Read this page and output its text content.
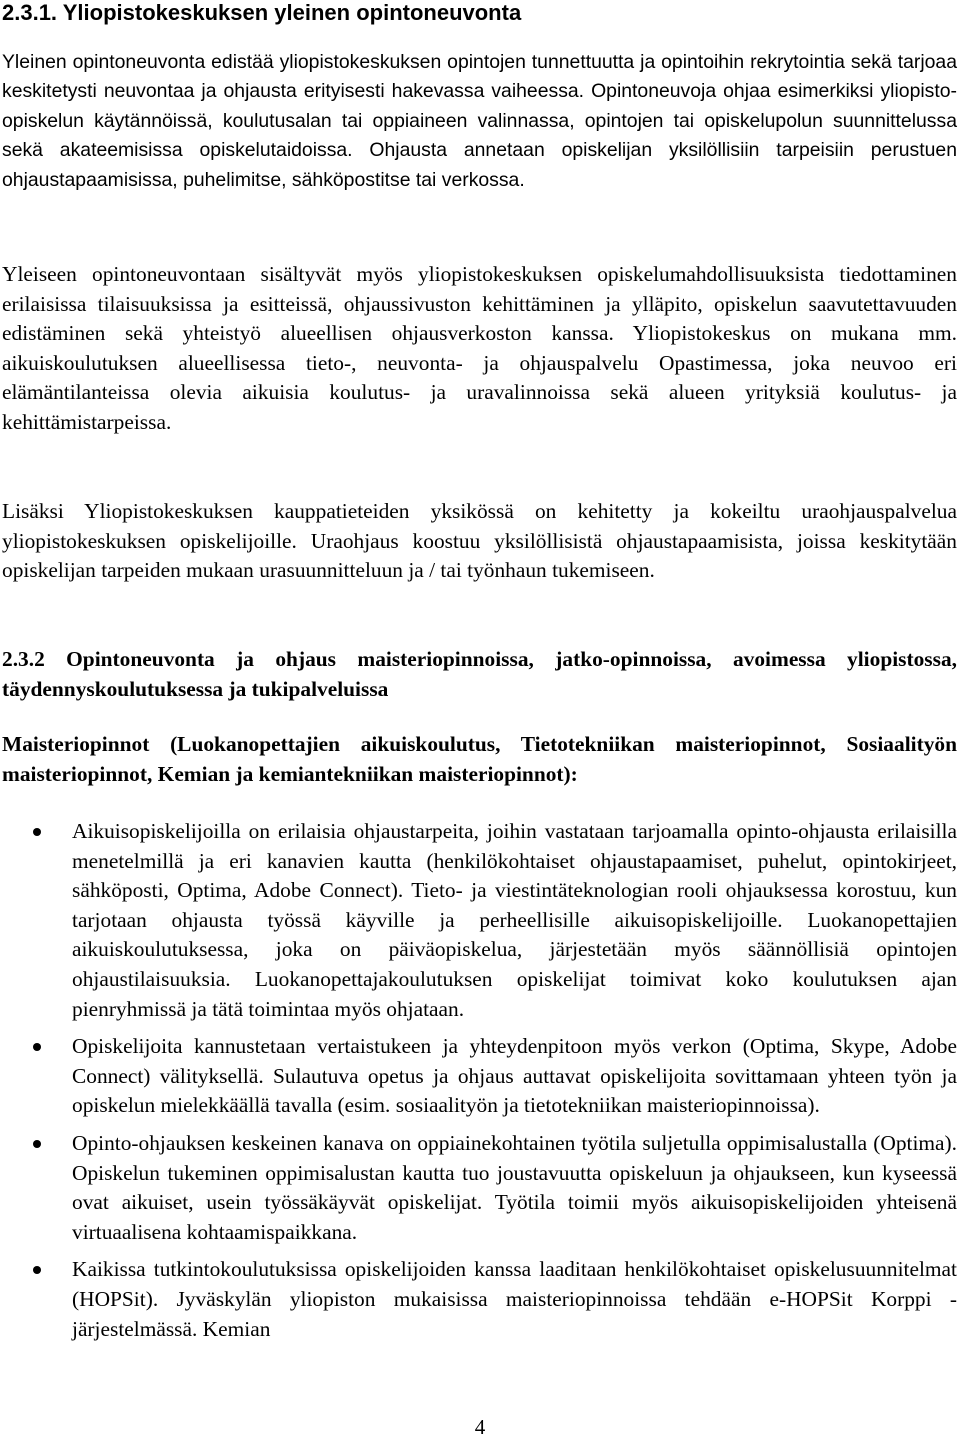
2.3.1. Yliopistokeskuksen yleinen opintoneuvonta

Yleinen opintoneuvonta edistää yliopistokeskuksen opintojen tunnettuutta ja opintoihin rekrytointia sekä tarjoaa keskitetysti neuvontaa ja ohjausta erityisesti hakevassa vaiheessa. Opintoneuvoja ohjaa esimerkiksi yliopisto-opiskelun käytännöissä, koulutusalan tai oppiaineen valinnassa, opintojen tai opiskelupolun suunnittelussa sekä akateemisissa opiskelutaidoissa. Ohjausta annetaan opiskelijan yksilöllisiin tarpeisiin perustuen ohjaustapaamisissa, puhelimitse, sähköpostitse tai verkossa.

Yleiseen opintoneuvontaan sisältyvät myös yliopistokeskuksen opiskelumahdollisuuksista tiedottaminen erilaisissa tilaisuuksissa ja esitteissä, ohjaussivuston kehittäminen ja ylläpito, opiskelun saavutettavuuden edistäminen sekä yhteistyö alueellisen ohjausverkoston kanssa. Yliopistokeskus on mukana mm. aikuiskoulutuksen alueellisessa tieto-, neuvonta- ja ohjauspalvelu Opastimessa, joka neuvoo eri elämäntilanteissa olevia aikuisia koulutus- ja uravalinnoissa sekä alueen yrityksiä koulutus- ja kehittämistarpeissa.

Lisäksi Yliopistokeskuksen kauppatieteiden yksikössä on kehitetty ja kokeiltu uraohjauspalvelua yliopistokeskuksen opiskelijoille. Uraohjaus koostuu yksilöllisistä ohjaustapaamisista, joissa keskitytään opiskelijan tarpeiden mukaan urasuunnitteluun ja / tai työnhaun tukemiseen.

2.3.2 Opintoneuvonta ja ohjaus maisteriopinnoissa, jatko-opinnoissa, avoimessa yliopistossa, täydennyskoulutuksessa ja tukipalveluissa
Maisteriopinnot (Luokanopettajien aikuiskoulutus, Tietotekniikan maisteriopinnot, Sosiaalityön maisteriopinnot, Kemian ja kemiantekniikan maisteriopinnot):
Aikuisopiskelijoilla on erilaisia ohjaustarpeita, joihin vastataan tarjoamalla opinto-ohjausta erilaisilla menetelmillä ja eri kanavien kautta (henkilökohtaiset ohjaustapaamiset, puhelut, opintokirjeet, sähköposti, Optima, Adobe Connect). Tieto- ja viestintäteknologian rooli ohjauksessa korostuu, kun tarjotaan ohjausta työssä käyville ja perheellisille aikuisopiskelijoille. Luokanopettajien aikuiskoulutuksessa, joka on päiväopiskelua, järjestetään myös säännöllisiä opintojen ohjaustilaisuuksia. Luokanopettajakoulutuksen opiskelijat toimivat koko koulutuksen ajan pienryhmissä ja tätä toimintaa myös ohjataan.
Opiskelijoita kannustetaan vertaistukeen ja yhteydenpitoon myös verkon (Optima, Skype, Adobe Connect) välityksellä. Sulautuva opetus ja ohjaus auttavat opiskelijoita sovittamaan yhteen työn ja opiskelun mielekkäällä tavalla (esim. sosiaalityön ja tietotekniikan maisteriopinnoissa).
Opinto-ohjauksen keskeinen kanava on oppiainekohtainen työtila suljetulla oppimisalustalla (Optima). Opiskelun tukeminen oppimisalustan kautta tuo joustavuutta opiskeluun ja ohjaukseen, kun kyseessä ovat aikuiset, usein työssäkäyvät opiskelijat. Työtila toimii myös aikuisopiskelijoiden yhteisenä virtuaalisena kohtaamispaikkana.
Kaikissa tutkintokoulutuksissa opiskelijoiden kanssa laaditaan henkilökohtaiset opiskelusuunnitelmat (HOPSit). Jyväskylän yliopiston mukaisissa maisteriopinnoissa tehdään e-HOPSit Korppi -järjestelmässä. Kemian
4
